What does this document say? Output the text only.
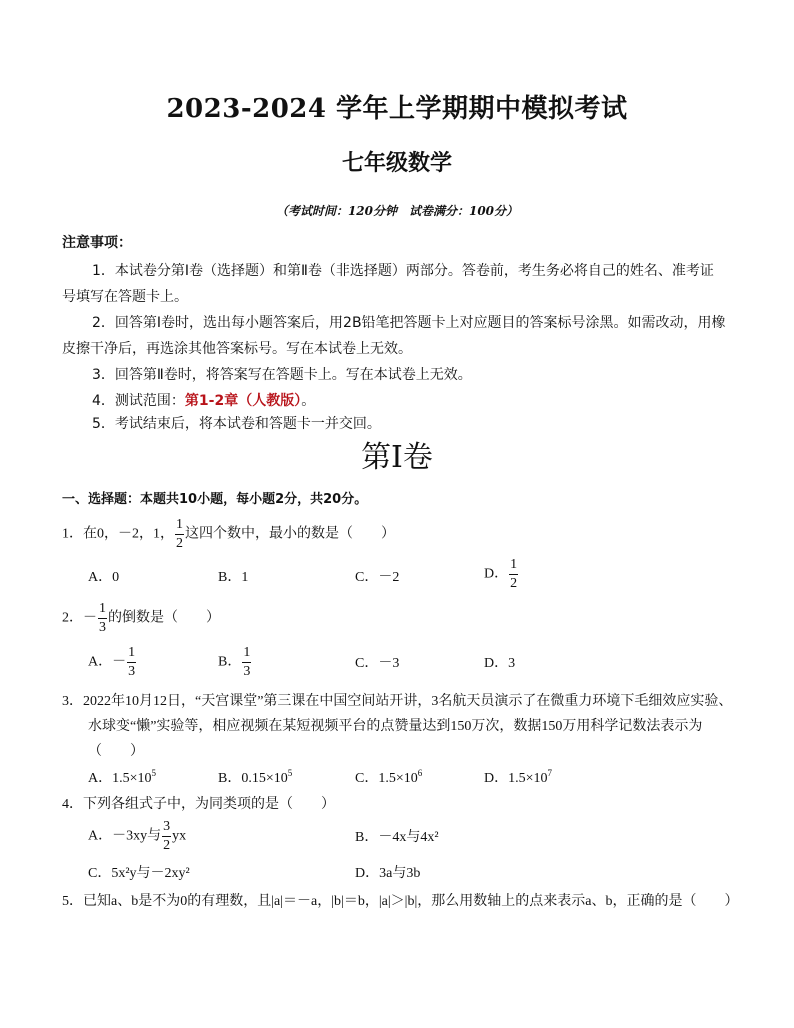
2023-2024 学年上学期期中模拟考试
七年级数学
（考试时间：120分钟　试卷满分：100分）
注意事项：
1．本试卷分第Ⅰ卷（选择题）和第Ⅱ卷（非选择题）两部分。答卷前，考生务必将自己的姓名、准考证
号填写在答题卡上。
2．回答第Ⅰ卷时，选出每小题答案后，用2B铅笔把答题卡上对应题目的答案标号涂黑。如需改动，用橡
皮擦干净后，再选涂其他答案标号。写在本试卷上无效。
3．回答第Ⅱ卷时，将答案写在答题卡上。写在本试卷上无效。
4．测试范围：第1-2章（人教版）。
5．考试结束后，将本试卷和答题卡一并交回。
第Ⅰ卷
一、选择题：本题共10小题，每小题2分，共20分。
1．在0，－2，1， $\frac{1}{2}$ 这四个数中，最小的数是（　　）
A．0	B．1	C．－2	D． $\frac{1}{2}$
2．－ $\frac{1}{3}$ 的倒数是（　　）
A．－ $\frac{1}{3}$	B． $\frac{1}{3}$	C．－3	D．3
3．2022年10月12日，“天宫课堂”第三课在中国空间站开讲，3名航天员演示了在微重力环境下毛细效应实验、
水球变“懒”实验等，相应视频在某短视频平台的点赞量达到150万次，数据150万用科学记数法表示为
（　　）
A．$1.5\times 10^5$	B．$0.15\times 10^5$	C．$1.5\times 10^6$	D．$1.5\times 10^7$
4．下列各组式子中，为同类项的是（　　）
A．－3xy与 $\frac{3}{2}$ yx	B．－4x与4x²
C．5x²y与－2xy²	D．3a与3b
5．已知a、b是不为0的有理数，且|a|＝－a，|b|＝b，|a|＞|b|，那么用数轴上的点来表示a、b，正确的是（　　）
